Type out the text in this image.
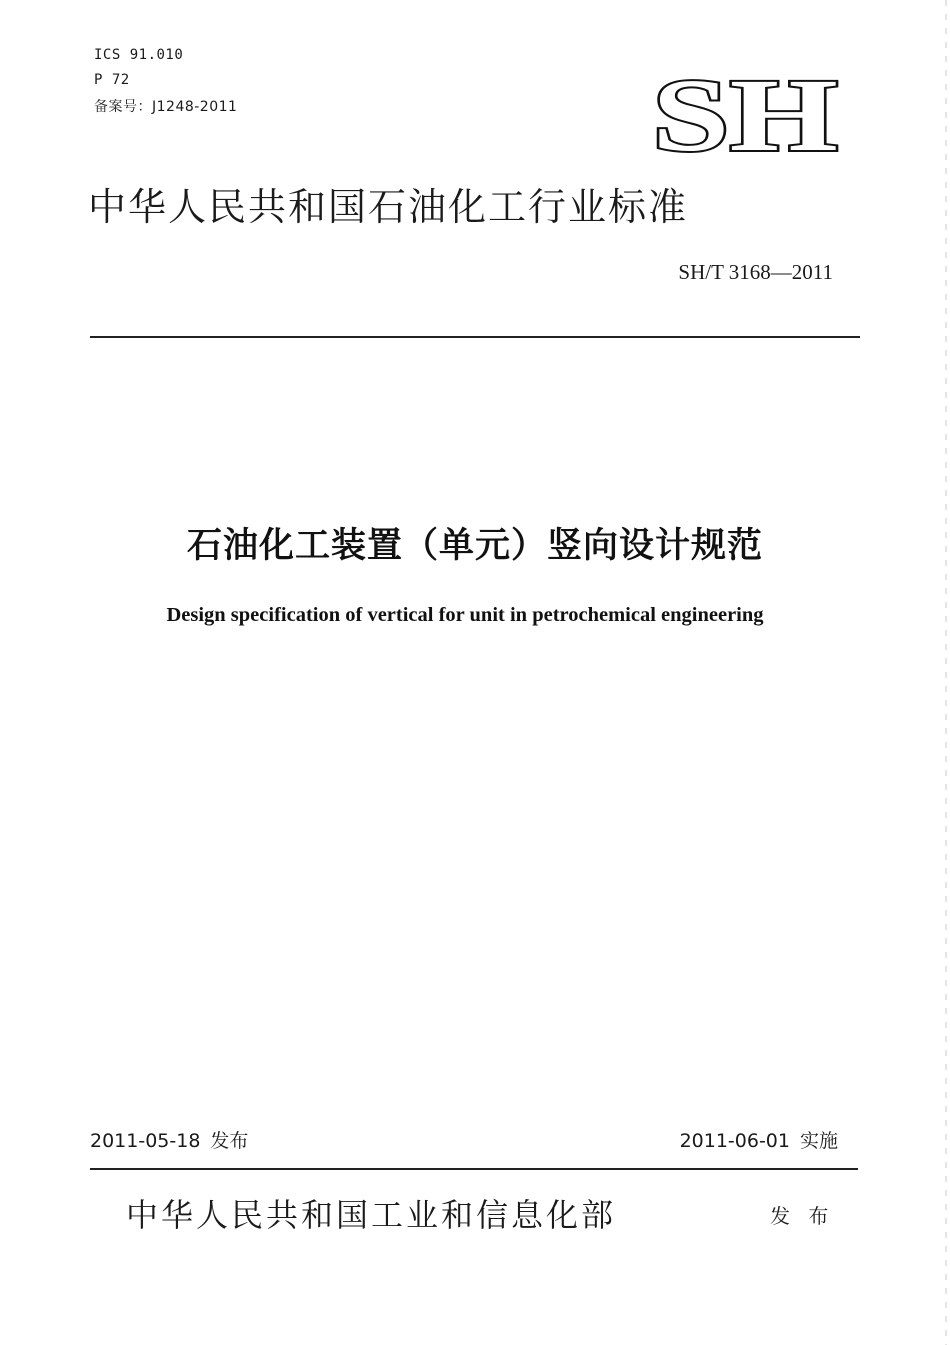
ICS 91.010
P 72
备案号：J1248-2011	SH
中华人民共和国石油化工行业标准
SH/T 3168—2011
石油化工装置（单元）竖向设计规范
Design specification of vertical for unit in petrochemical engineering
2011-05-18 发布	2011-06-01 实施
中华人民共和国工业和信息化部	发 布
